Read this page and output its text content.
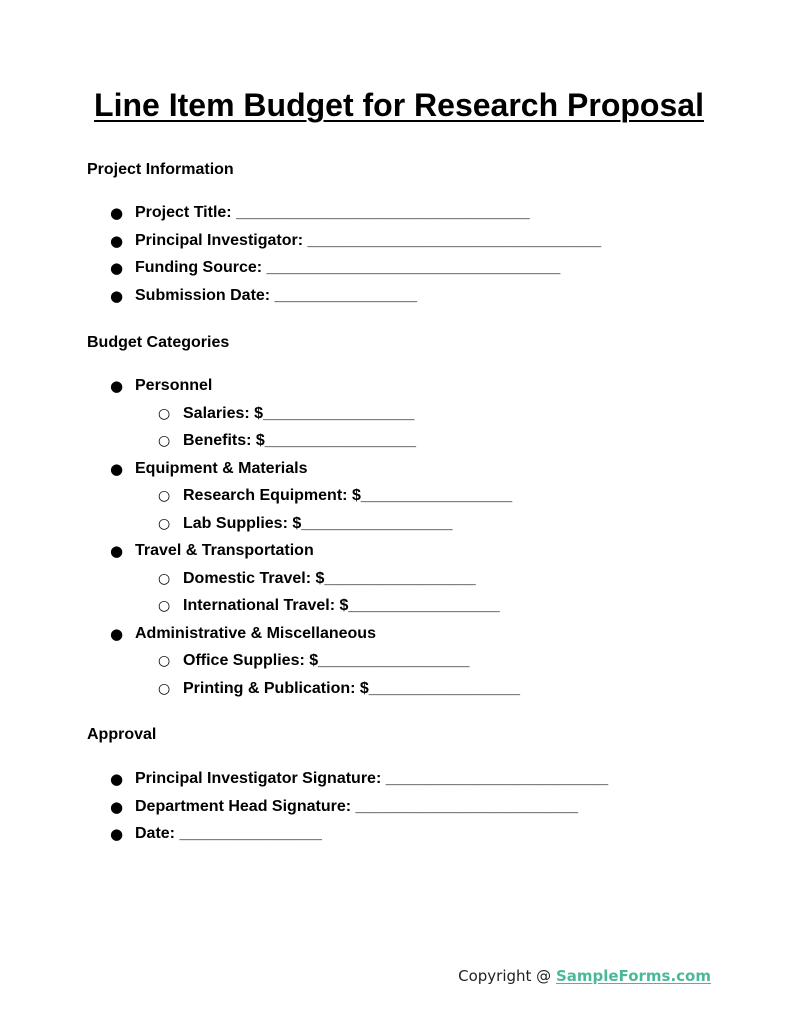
Line Item Budget for Research Proposal
Project Information
● Project Title: _________________________________
● Principal Investigator: _________________________________
● Funding Source: _________________________________
● Submission Date: ________________
Budget Categories
● Personnel
○ Salaries: $_________________
○ Benefits: $_________________
● Equipment & Materials
○ Research Equipment: $_________________
○ Lab Supplies: $_________________
● Travel & Transportation
○ Domestic Travel: $_________________
○ International Travel: $_________________
● Administrative & Miscellaneous
○ Office Supplies: $_________________
○ Printing & Publication: $_________________
Approval
● Principal Investigator Signature: _________________________
● Department Head Signature: _________________________
● Date: ________________
Copyright @ SampleForms.com
